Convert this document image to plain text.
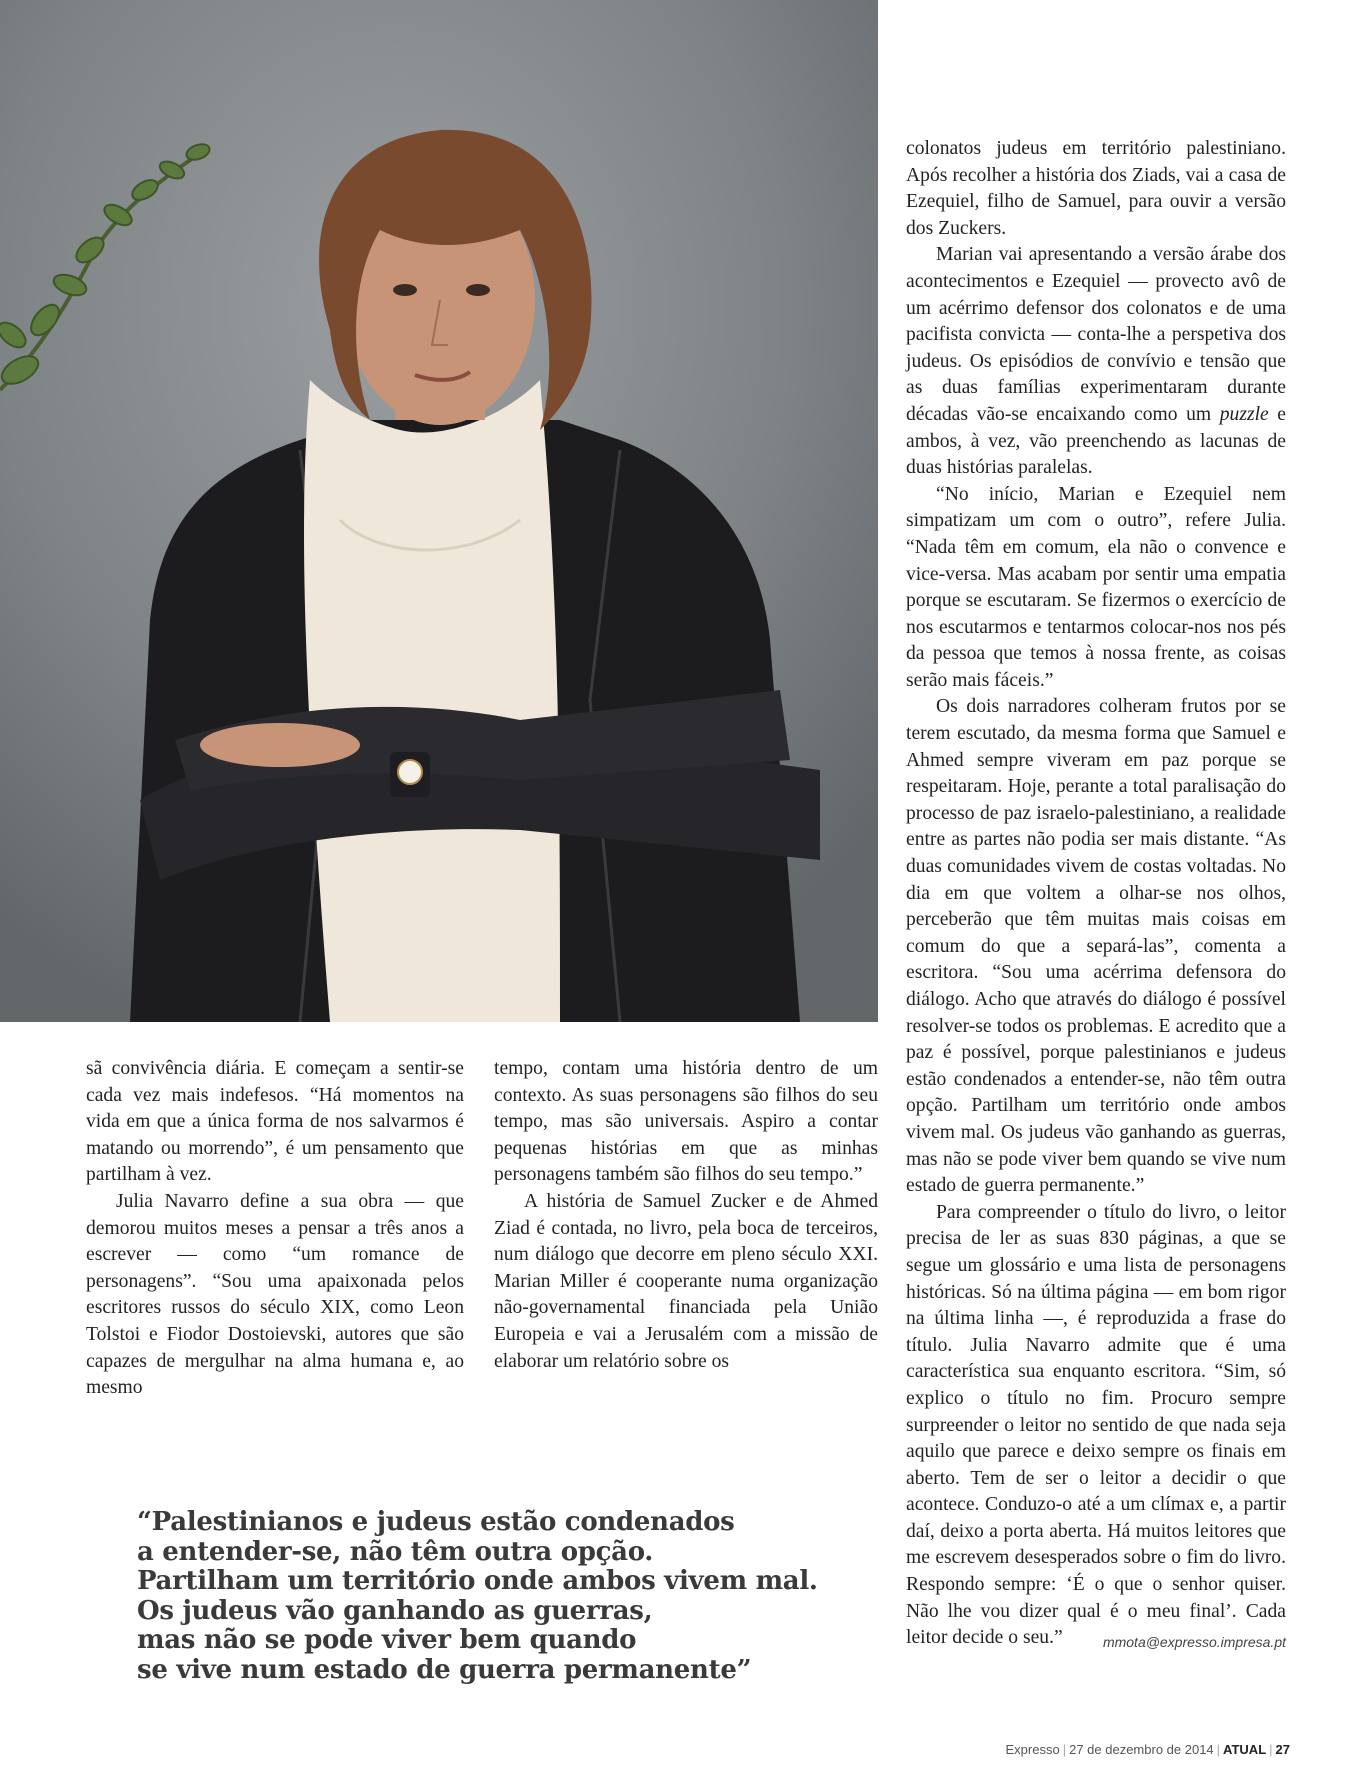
sã convivência diária. E começam a sentir-se cada vez mais indefesos. “Há momentos na vida em que a única forma de nos salvarmos é matando ou morrendo”, é um pensamento que partilham à vez.

Julia Navarro define a sua obra — que demorou muitos meses a pensar a três anos a escrever — como “um romance de personagens”. “Sou uma apaixonada pelos escritores russos do século XIX, como Leon Tolstoi e Fiodor Dostoievski, autores que são capazes de mergulhar na alma humana e, ao mesmo

tempo, contam uma história dentro de um contexto. As suas personagens são filhos do seu tempo, mas são universais. Aspiro a contar pequenas histórias em que as minhas personagens também são filhos do seu tempo.”

A história de Samuel Zucker e de Ahmed Ziad é contada, no livro, pela boca de terceiros, num diálogo que decorre em pleno século XXI. Marian Miller é cooperante numa organização não-governamental financiada pela União Europeia e vai a Jerusalém com a missão de elaborar um relatório sobre os

colonatos judeus em território palestiniano. Após recolher a história dos Ziads, vai a casa de Ezequiel, filho de Samuel, para ouvir a versão dos Zuckers.

Marian vai apresentando a versão árabe dos acontecimentos e Ezequiel — provecto avô de um acérrimo defensor dos colonatos e de uma pacifista convicta — conta-lhe a perspetiva dos judeus. Os episódios de convívio e tensão que as duas famílias experimentaram durante décadas vão-se encaixando como um puzzle e ambos, à vez, vão preenchendo as lacunas de duas histórias paralelas.

“No início, Marian e Ezequiel nem simpatizam um com o outro”, refere Julia. “Nada têm em comum, ela não o convence e vice-versa. Mas acabam por sentir uma empatia porque se escutaram. Se fizermos o exercício de nos escutarmos e tentarmos colocar-nos nos pés da pessoa que temos à nossa frente, as coisas serão mais fáceis.”

Os dois narradores colheram frutos por se terem escutado, da mesma forma que Samuel e Ahmed sempre viveram em paz porque se respeitaram. Hoje, perante a total paralisação do processo de paz israelo-palestiniano, a realidade entre as partes não podia ser mais distante. “As duas comunidades vivem de costas voltadas. No dia em que voltem a olhar-se nos olhos, perceberão que têm muitas mais coisas em comum do que a separá-las”, comenta a escritora. “Sou uma acérrima defensora do diálogo. Acho que através do diálogo é possível resolver-se todos os problemas. E acredito que a paz é possível, porque palestinianos e judeus estão condenados a entender-se, não têm outra opção. Partilham um território onde ambos vivem mal. Os judeus vão ganhando as guerras, mas não se pode viver bem quando se vive num estado de guerra permanente.”

Para compreender o título do livro, o leitor precisa de ler as suas 830 páginas, a que se segue um glossário e uma lista de personagens históricas. Só na última página — em bom rigor na última linha —, é reproduzida a frase do título. Julia Navarro admite que é uma característica sua enquanto escritora. “Sim, só explico o título no fim. Procuro sempre surpreender o leitor no sentido de que nada seja aquilo que parece e deixo sempre os finais em aberto. Tem de ser o leitor a decidir o que acontece. Conduzo-o até a um clímax e, a partir daí, deixo a porta aberta. Há muitos leitores que me escrevem desesperados sobre o fim do livro. Respondo sempre: ‘É o que o senhor quiser. Não lhe vou dizer qual é o meu final’. Cada leitor decide o seu.”	mmota@expresso.impresa.pt
“Palestinianos e judeus estão condenados
a entender-se, não têm outra opção.
Partilham um território onde ambos vivem mal.
Os judeus vão ganhando as guerras,
mas não se pode viver bem quando
se vive num estado de guerra permanente”
Expresso | 27 de dezembro de 2014 | ATUAL | 27
